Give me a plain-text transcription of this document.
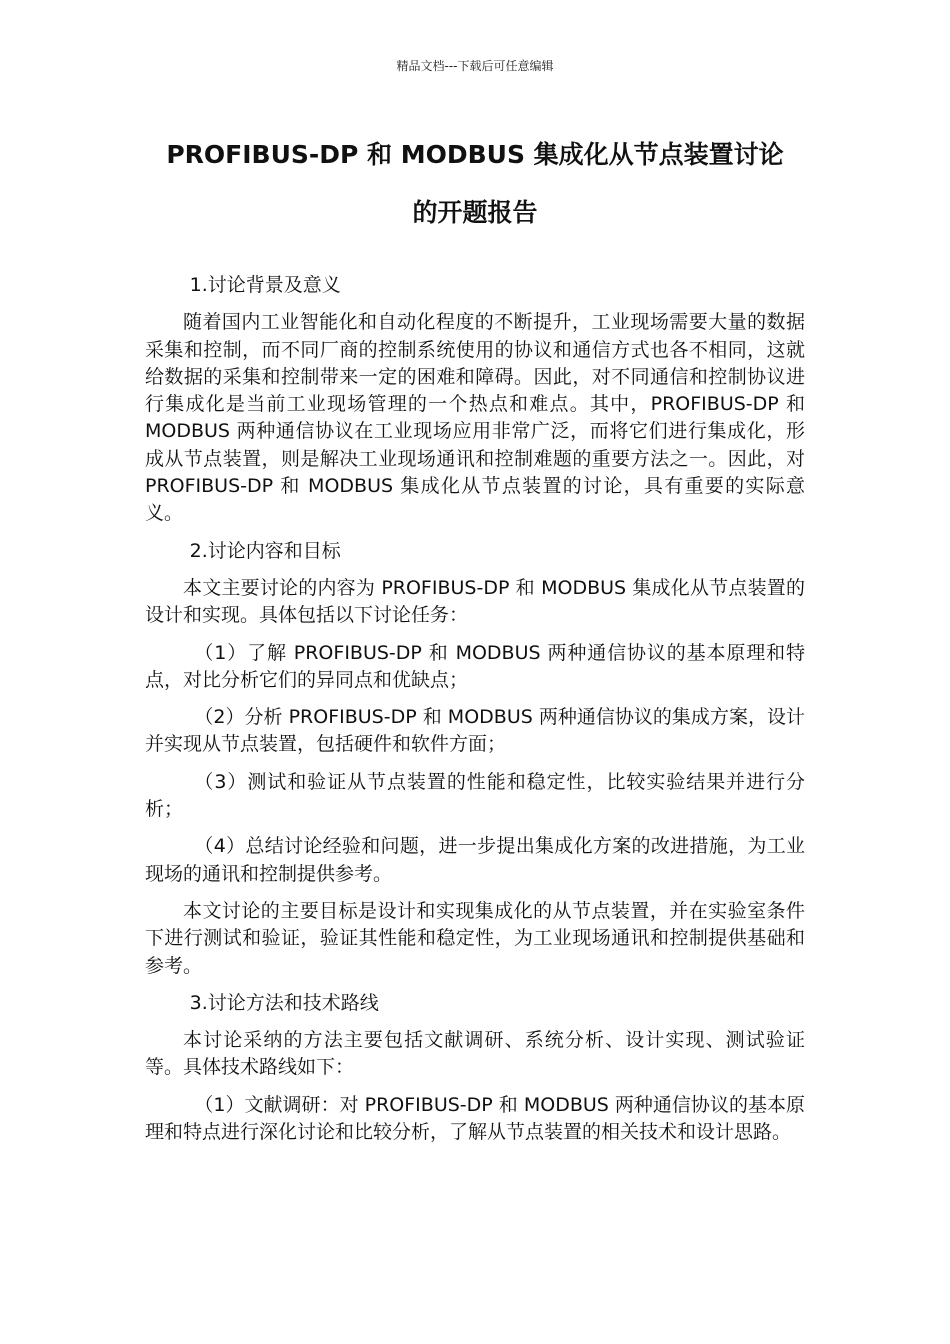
精品文档---下载后可任意编辑
PROFIBUS-DP 和 MODBUS 集成化从节点装置讨论
的开题报告

1.讨论背景及意义

随着国内工业智能化和自动化程度的不断提升，工业现场需要大量的数据采集和控制，而不同厂商的控制系统使用的协议和通信方式也各不相同，这就给数据的采集和控制带来一定的困难和障碍。因此，对不同通信和控制协议进行集成化是当前工业现场管理的一个热点和难点。其中，PROFIBUS-DP 和 MODBUS 两种通信协议在工业现场应用非常广泛，而将它们进行集成化，形成从节点装置，则是解决工业现场通讯和控制难题的重要方法之一。因此，对 PROFIBUS-DP 和 MODBUS 集成化从节点装置的讨论，具有重要的实际意义。

2.讨论内容和目标

本文主要讨论的内容为 PROFIBUS-DP 和 MODBUS 集成化从节点装置的设计和实现。具体包括以下讨论任务：

（1）了解 PROFIBUS-DP 和 MODBUS 两种通信协议的基本原理和特点，对比分析它们的异同点和优缺点；

（2）分析 PROFIBUS-DP 和 MODBUS 两种通信协议的集成方案，设计并实现从节点装置，包括硬件和软件方面；

（3）测试和验证从节点装置的性能和稳定性，比较实验结果并进行分析；

（4）总结讨论经验和问题，进一步提出集成化方案的改进措施，为工业现场的通讯和控制提供参考。

本文讨论的主要目标是设计和实现集成化的从节点装置，并在实验室条件下进行测试和验证，验证其性能和稳定性，为工业现场通讯和控制提供基础和参考。

3.讨论方法和技术路线

本讨论采纳的方法主要包括文献调研、系统分析、设计实现、测试验证等。具体技术路线如下：

（1）文献调研：对 PROFIBUS-DP 和 MODBUS 两种通信协议的基本原理和特点进行深化讨论和比较分析，了解从节点装置的相关技术和设计思路。
